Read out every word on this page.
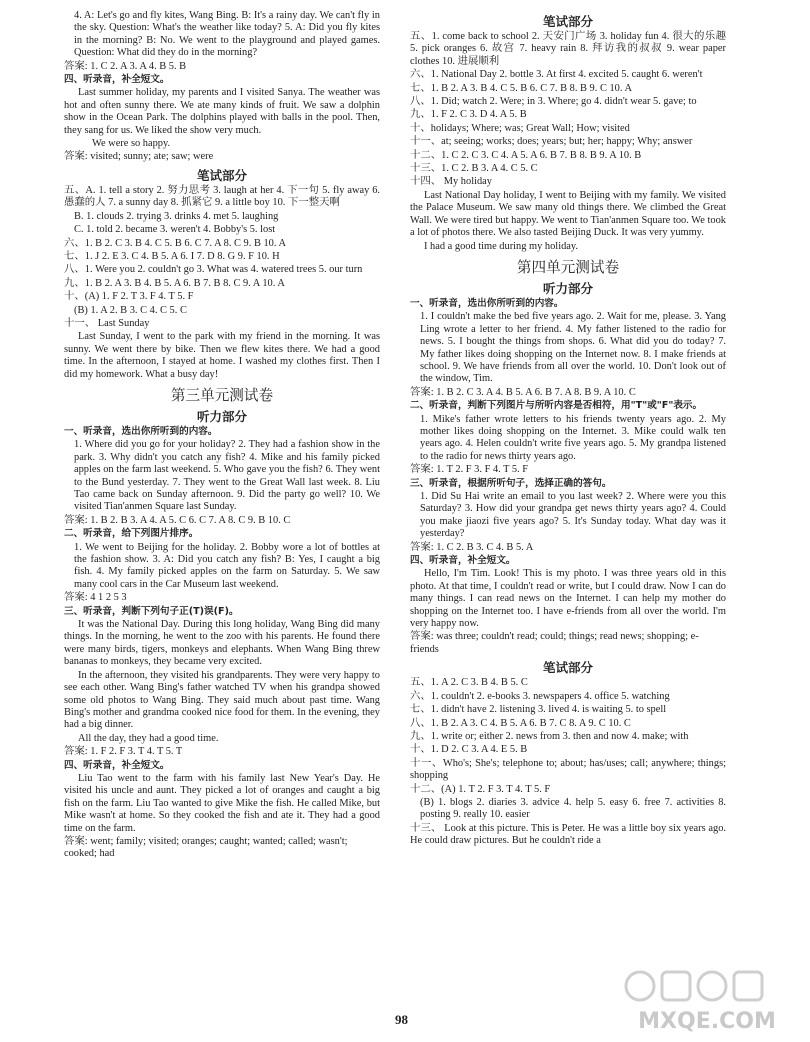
4. A: Let's go and fly kites, Wang Bing. B: It's a rainy day. We can't fly in the sky. Question: What's the weather like today? 5. A: Did you fly kites in the morning? B: No. We went to the playground and played games. Question: What did they do in the morning?
答案: 1. C 2. A 3. A 4. B 5. B
四、听录音，补全短文。
Last summer holiday, my parents and I visited Sanya. The weather was hot and often sunny there. We ate many kinds of fruit. We saw a dolphin show in the Ocean Park. The dolphins played with balls in the pool. Then, they sang for us. We liked the show very much.
We were so happy.
答案: visited; sunny; ate; saw; were
笔试部分
五、A. 1. tell a story 2. 努力思考 3. laugh at her 4. 下一句 5. fly away 6. 愚蠢的人 7. a sunny day 8. 抓紧它 9. a little boy 10. 下一整天啊
B. 1. clouds 2. trying 3. drinks 4. met 5. laughing
C. 1. told 2. became 3. weren't 4. Bobby's 5. lost
六、1. B 2. C 3. B 4. C 5. B 6. C 7. A 8. C 9. B 10. A
七、1. J 2. E 3. C 4. B 5. A 6. I 7. D 8. G 9. F 10. H
八、1. Were you 2. couldn't go 3. What was 4. watered trees 5. our turn
九、1. B 2. A 3. B 4. B 5. A 6. B 7. B 8. C 9. A 10. A
十、(A) 1. F 2. T 3. F 4. T 5. F
(B) 1. A 2. B 3. C 4. C 5. C
十一、 Last Sunday
Last Sunday, I went to the park with my friend in the morning. It was sunny. We went there by bike. Then we flew kites there. We had a good time. In the afternoon, I stayed at home. I washed my clothes first. Then I did my homework. What a busy day!
第三单元测试卷
听力部分
一、听录音，选出你所听到的内容。
1. Where did you go for your holiday? 2. They had a fashion show in the park. 3. Why didn't you catch any fish? 4. Mike and his family picked apples on the farm last weekend. 5. Who gave you the fish? 6. They went to the Bund yesterday. 7. They went to the Great Wall last week. 8. Liu Tao came back on Sunday afternoon. 9. Did the party go well? 10. We visited Tian'anmen Square last Sunday.
答案: 1. B 2. B 3. A 4. A 5. C 6. C 7. A 8. C 9. B 10. C
二、听录音，给下列图片排序。
1. We went to Beijing for the holiday. 2. Bobby wore a lot of bottles at the fashion show. 3. A: Did you catch any fish? B: Yes, I caught a big fish. 4. My family picked apples on the farm on Saturday. 5. We saw many cool cars in the Car Museum last weekend.
答案: 4 1 2 5 3
三、听录音，判断下列句子正(T)误(F)。
It was the National Day. During this long holiday, Wang Bing did many things. In the morning, he went to the zoo with his parents. He found there were many birds, tigers, monkeys and elephants. When Wang Bing threw bananas to monkeys, they became very excited.
In the afternoon, they visited his grandparents. They were very happy to see each other. Wang Bing's father watched TV when his grandpa showed some old photos to Wang Bing. They said much about past time. Wang Bing's mother and grandma cooked nice food for them. In the evening, they had a big dinner.
All the day, they had a good time.
答案: 1. F 2. F 3. T 4. T 5. T
四、听录音，补全短文。
Liu Tao went to the farm with his family last New Year's Day. He visited his uncle and aunt. They picked a lot of oranges and caught a big fish on the farm. Liu Tao wanted to give Mike the fish. He called Mike, but Mike wasn't at home. So they cooked the fish and ate it. They had a good time on the farm.
答案: went; family; visited; oranges; caught; wanted; called; wasn't; cooked; had
笔试部分
五、1. come back to school 2. 天安门广场 3. holiday fun 4. 很大的乐趣 5. pick oranges 6. 故宫 7. heavy rain 8. 拜访我的叔叔 9. wear paper clothes 10. 进展顺利
六、1. National Day 2. bottle 3. At first 4. excited 5. caught 6. weren't
七、1. B 2. A 3. B 4. C 5. B 6. C 7. B 8. B 9. C 10. A
八、1. Did; watch 2. Were; in 3. Where; go 4. didn't wear 5. gave; to
九、1. F 2. C 3. D 4. A 5. B
十、holidays; Where; was; Great Wall; How; visited
十一、at; seeing; works; does; years; but; her; happy; Why; answer
十二、1. C 2. C 3. C 4. A 5. A 6. B 7. B 8. B 9. A 10. B
十三、1. C 2. B 3. A 4. C 5. C
十四、 My holiday
Last National Day holiday, I went to Beijing with my family. We visited the Palace Museum. We saw many old things there. We climbed the Great Wall. We were tired but happy. We went to Tian'anmen Square too. We took a lot of photos there. We also tasted Beijing Duck. It was very yummy.
I had a good time during my holiday.
第四单元测试卷
听力部分
一、听录音，选出你所听到的内容。
1. I couldn't make the bed five years ago. 2. Wait for me, please. 3. Yang Ling wrote a letter to her friend. 4. My father listened to the radio for news. 5. I bought the things from shops. 6. What did you do today? 7. My father likes doing shopping on the Internet now. 8. I make friends at school. 9. We have friends from all over the world. 10. Don't look out of the window, Tim.
答案: 1. B 2. C 3. A 4. B 5. A 6. B 7. A 8. B 9. A 10. C
二、听录音，判断下列图片与所听内容是否相符，用"T"或"F"表示。
1. Mike's father wrote letters to his friends twenty years ago. 2. My mother likes doing shopping on the Internet. 3. Mike could walk ten years ago. 4. Helen couldn't write five years ago. 5. My grandpa listened to the radio for news thirty years ago.
答案: 1. T 2. F 3. F 4. T 5. F
三、听录音，根据所听句子，选择正确的答句。
1. Did Su Hai write an email to you last week? 2. Where were you this Saturday? 3. How did your grandpa get news thirty years ago? 4. Could you make jiaozi five years ago? 5. It's Sunday today. What day was it yesterday?
答案: 1. C 2. B 3. C 4. B 5. A
四、听录音，补全短文。
Hello, I'm Tim. Look! This is my photo. I was three years old in this photo. At that time, I couldn't read or write, but I could draw. Now I can do many things. I can read news on the Internet. I can help my mother do shopping on the Internet too. I have e-friends from all over the world. I'm very happy now.
答案: was three; couldn't read; could; things; read news; shopping; e-friends
笔试部分
五、1. A 2. C 3. B 4. B 5. C
六、1. couldn't 2. e-books 3. newspapers 4. office 5. watching
七、1. didn't have 2. listening 3. lived 4. is waiting 5. to spell
八、1. B 2. A 3. C 4. B 5. A 6. B 7. C 8. A 9. C 10. C
九、1. write or; either 2. news from 3. then and now 4. make; with
十、1. D 2. C 3. A 4. E 5. B
十一、Who's; She's; telephone to; about; has/uses; call; anywhere; things; shopping
十二、(A) 1. T 2. F 3. T 4. T 5. F
(B) 1. blogs 2. diaries 3. advice 4. help 5. easy 6. free 7. activities 8. posting 9. really 10. easier
十三、 Look at this picture. This is Peter. He was a little boy six years ago. He could draw pictures. But he couldn't ride a
98	MXQE.COM
